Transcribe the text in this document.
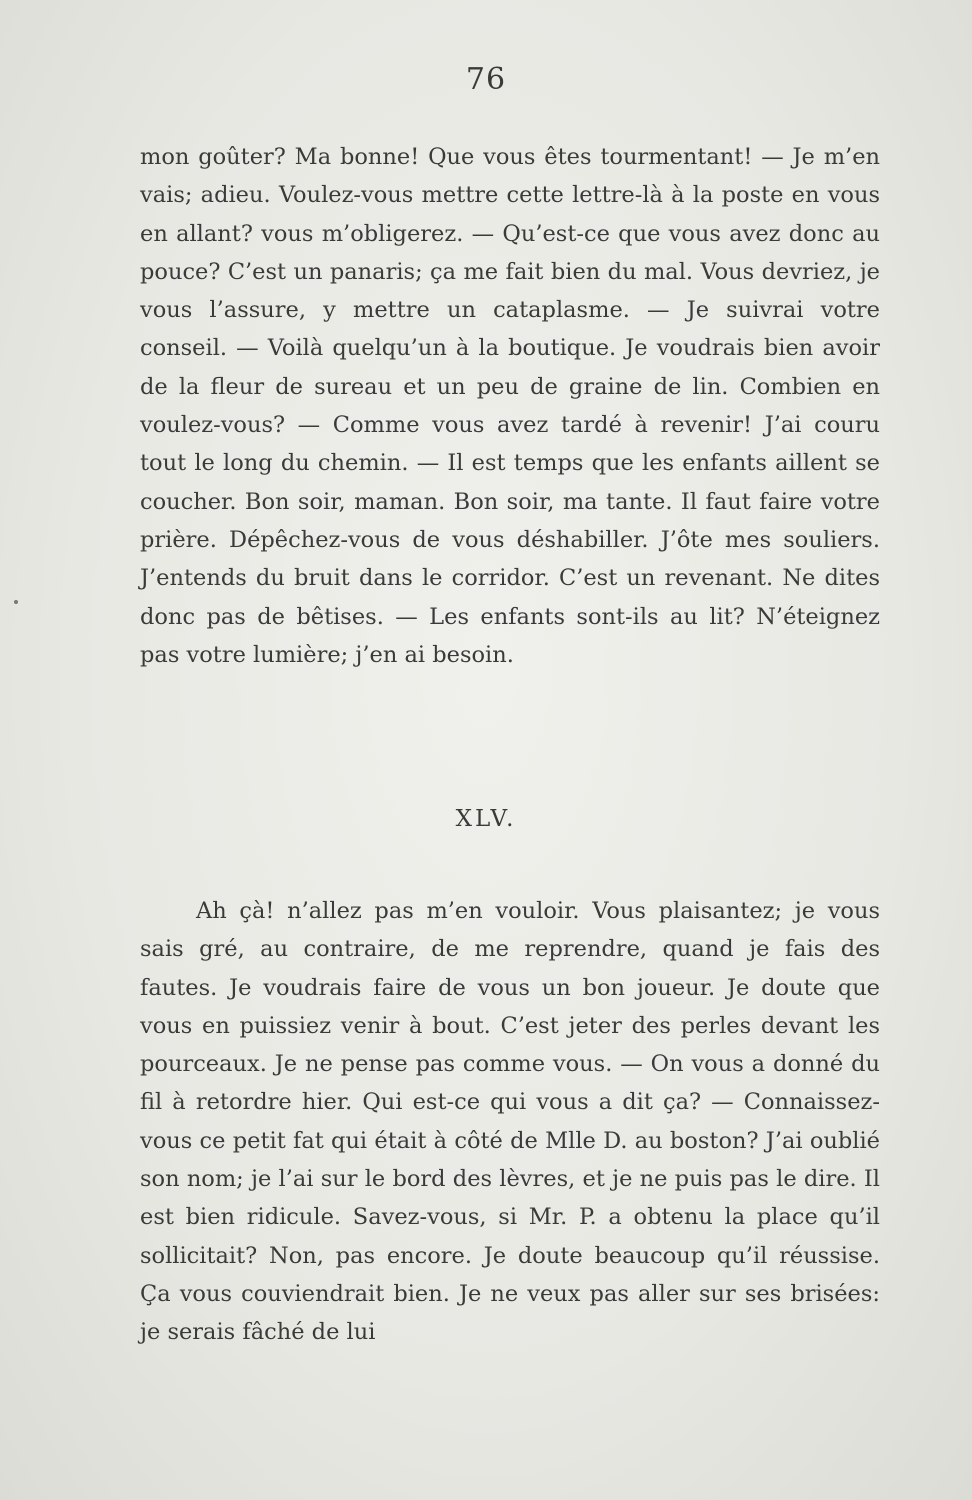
76

mon goûter? Ma bonne! Que vous êtes tourmentant! — Je m’en vais; adieu. Voulez-vous mettre cette lettre-là à la poste en vous en allant? vous m’obligerez. — Qu’est-ce que vous avez donc au pouce? C’est un panaris; ça me fait bien du mal. Vous devriez, je vous l’assure, y mettre un cataplasme. — Je suivrai votre conseil. — Voilà quelqu’un à la boutique. Je voudrais bien avoir de la fleur de sureau et un peu de graine de lin. Combien en voulez-vous? — Comme vous avez tardé à revenir! J’ai couru tout le long du chemin. — Il est temps que les enfants aillent se coucher. Bon soir, maman. Bon soir, ma tante. Il faut faire votre prière. Dépêchez-vous de vous déshabiller. J’ôte mes souliers. J’entends du bruit dans le corridor. C’est un revenant. Ne dites donc pas de bêtises. — Les enfants sont-ils au lit? N’éteignez pas votre lumière; j’en ai besoin.

XLV.

Ah çà! n’allez pas m’en vouloir. Vous plaisantez; je vous sais gré, au contraire, de me reprendre, quand je fais des fautes. Je voudrais faire de vous un bon joueur. Je doute que vous en puissiez venir à bout. C’est jeter des perles devant les pourceaux. Je ne pense pas comme vous. — On vous a donné du fil à retordre hier. Qui est-ce qui vous a dit ça? — Connaissez-vous ce petit fat qui était à côté de Mlle D. au boston? J’ai oublié son nom; je l’ai sur le bord des lèvres, et je ne puis pas le dire. Il est bien ridicule. Savez-vous, si Mr. P. a obtenu la place qu’il sollicitait? Non, pas encore. Je doute beaucoup qu’il réussise. Ça vous couviendrait bien. Je ne veux pas aller sur ses brisées: je serais fâché de lui
